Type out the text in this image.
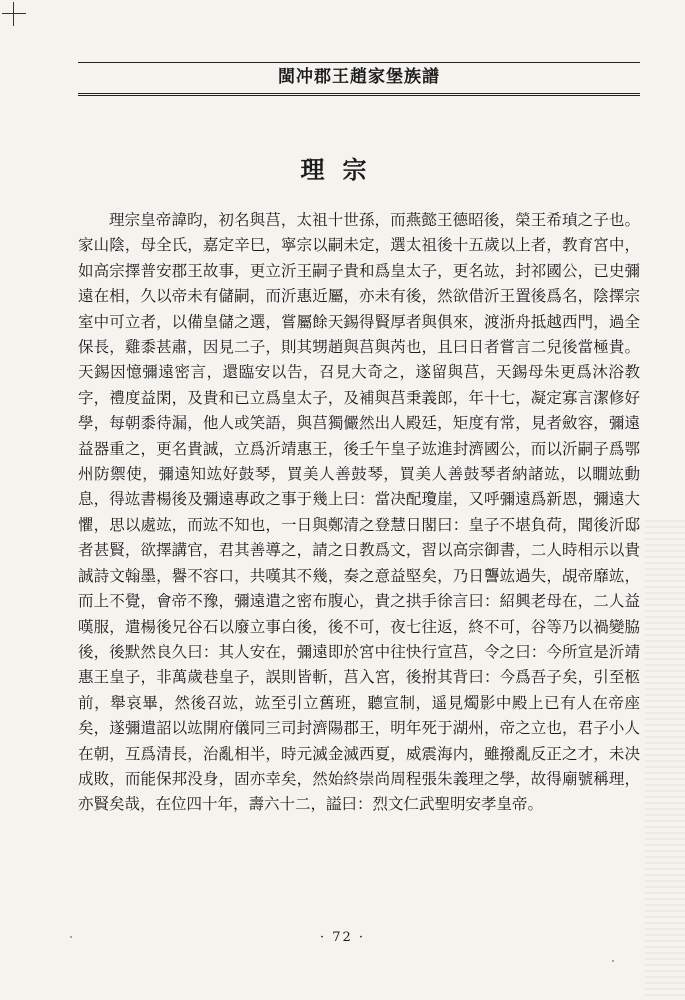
閩冲郡王趙家堡族譜
理宗

理宗皇帝諱昀，初名與莒，太祖十世孫，而燕懿王德昭後，榮王希𤦹之子也。家山陰，母全氏，嘉定辛巳，寧宗以嗣未定，選太祖後十五歲以上者，教育宮中，如高宗擇普安郡王故事，更立沂王嗣子貴和爲皇太子，更名竑，封祁國公，已史彌遠在相，久以帝未有儲嗣，而沂惠近屬，亦未有後，然欲借沂王置後爲名，陰擇宗室中可立者，以備皇儲之選，嘗屬餘天錫得賢厚者與俱來，渡浙舟抵越西門，過全保長，雞黍甚肅，因見二子，則其甥趙與莒與芮也，且曰日者嘗言二兒後當極貴。天錫因憶彌遠密言，還臨安以告，召見大奇之，遂留與莒，天錫母朱更爲沐浴教字，禮度益閑，及貴和已立爲皇太子，及補與莒秉義郎，年十七，凝定寡言潔修好學，每朝黍待漏，他人或笑語，與莒獨儼然出人殿廷，矩度有常，見者斂容，彌遠益器重之，更名貴誠，立爲沂靖惠王，後壬午皇子竑進封濟國公，而以沂嗣子爲鄂州防禦使，彌遠知竑好鼓琴，買美人善鼓琴，買美人善鼓琴者納諸竑，以瞯竑動息，得竑書楊後及彌遠專政之事于幾上曰：當决配瓊崖，又呼彌遠爲新恩，彌遠大懼，思以處竑，而竑不知也，一日與鄭清之登慧日閣曰：皇子不堪負荷，聞後沂邸者甚賢，欲擇講官，君其善導之，請之日教爲文，習以高宗御書，二人時相示以貴誠詩文翰墨，譽不容口，共嘆其不幾，奏之意益堅矣，乃日讋竑過失，覘帝靡竑，而上不覺，會帝不豫，彌遠遣之密布腹心，貴之拱手徐言曰：紹興老母在，二人益嘆服，遣楊後兄谷石以廢立事白後，後不可，夜七往返，終不可，谷等乃以禍變脇後，後默然良久曰：其人安在，彌遠即於宮中往快行宣莒，令之曰：今所宣是沂靖惠王皇子，非萬歲巷皇子，誤則皆斬，莒入宮，後拊其背曰：今爲吾子矣，引至柩前，舉哀畢，然後召竑，竑至引立舊班，聽宣制，遥見燭影中殿上已有人在帝座矣，遂彌遣詔以竑開府儀同三司封濟陽郡王，明年死于湖州，帝之立也，君子小人在朝，互爲清長，治亂相半，時元滅金滅西夏，威震海内，雖撥亂反正之才，未决成敗，而能保邦没身，固亦幸矣，然始終崇尚周程張朱義理之學，故得廟號稱理，亦賢矣哉，在位四十年，壽六十二，謚曰：烈文仁武聖明安孝皇帝。

· 72 ·
